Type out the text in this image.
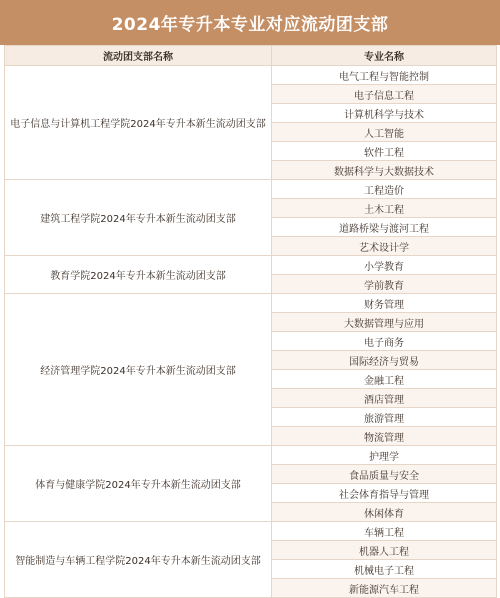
2024年专升本专业对应流动团支部
流动团支部名称	专业名称
电子信息与计算机工程学院2024年专升本新生流动团支部	电气工程与智能控制
	电子信息工程
	计算机科学与技术
	人工智能
	软件工程
	数据科学与大数据技术
建筑工程学院2024年专升本新生流动团支部	工程造价
	土木工程
	道路桥梁与渡河工程
	艺术设计学
教育学院2024年专升本新生流动团支部	小学教育
	学前教育
经济管理学院2024年专升本新生流动团支部	财务管理
	大数据管理与应用
	电子商务
	国际经济与贸易
	金融工程
	酒店管理
	旅游管理
	物流管理
体育与健康学院2024年专升本新生流动团支部	护理学
	食品质量与安全
	社会体育指导与管理
	休闲体育
智能制造与车辆工程学院2024年专升本新生流动团支部	车辆工程
	机器人工程
	机械电子工程
	新能源汽车工程
